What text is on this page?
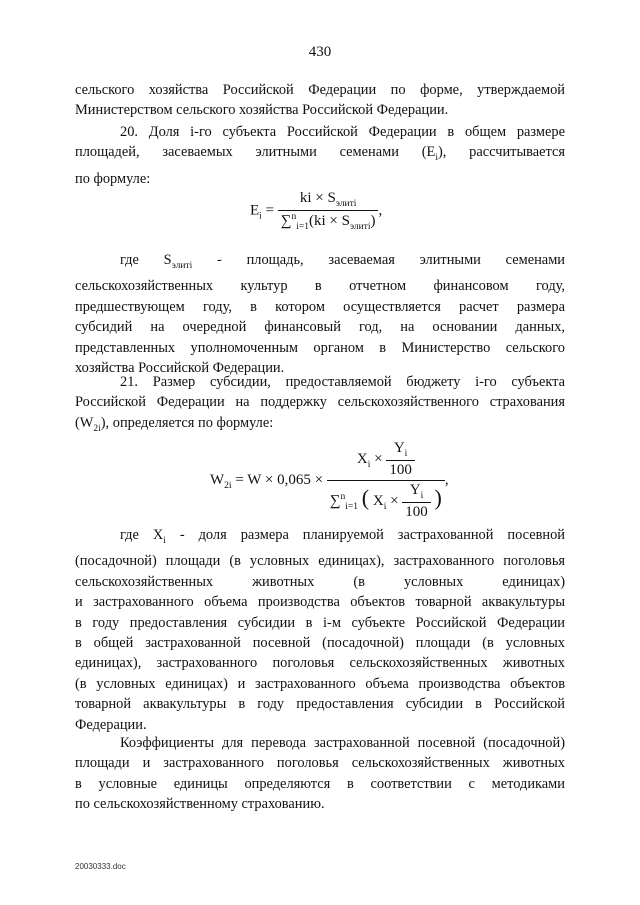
430
сельского хозяйства Российской Федерации по форме, утверждаемой
Министерством сельского хозяйства Российской Федерации.
20. Доля i-го субъекта Российской Федерации в общем размере
площадей, засеваемых элитными семенами $(E_i)$, рассчитывается
по формуле:
$E_i = \frac{ki \times S_{элитi}}{\sum^n_{i=1}(ki \times S_{элитi})}$ ,
где $S_{элитi}$ - площадь, засеваемая элитными семенами
сельскохозяйственных культур в отчетном финансовом году,
предшествующем году, в котором осуществляется расчет размера
субсидий на очередной финансовый год, на основании данных,
представленных уполномоченным органом в Министерство сельского
хозяйства Российской Федерации.
21. Размер субсидии, предоставляемой бюджету i-го субъекта
Российской Федерации на поддержку сельскохозяйственного страхования
$(W_{2i})$, определяется по формуле:
$W_{2i} = W \times 0,065 \times \frac{X_i \times \frac{Y_i}{100}}{\sum^n_{i=1} ( X_i \times \frac{Y_i}{100} )}$ ,
где $X_i$ - доля размера планируемой застрахованной посевной
(посадочной) площади (в условных единицах), застрахованного поголовья
сельскохозяйственных животных (в условных единицах)
и застрахованного объема производства объектов товарной аквакультуры
в году предоставления субсидии в i-м субъекте Российской Федерации
в общей застрахованной посевной (посадочной) площади (в условных
единицах), застрахованного поголовья сельскохозяйственных животных
(в условных единицах) и застрахованного объема производства объектов
товарной аквакультуры в году предоставления субсидии в Российской
Федерации.
Коэффициенты для перевода застрахованной посевной (посадочной)
площади и застрахованного поголовья сельскохозяйственных животных
в условные единицы определяются в соответствии с методиками
по сельскохозяйственному страхованию.
20030333.doc
